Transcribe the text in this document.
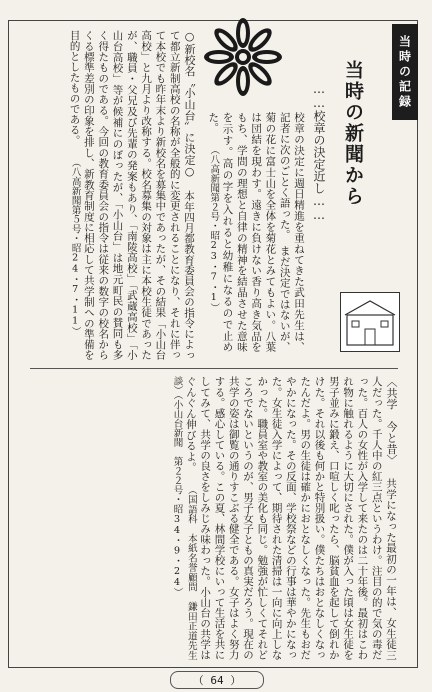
当時の記録
当時の新聞から
……校章の決定近し……
校章の決定に週日精進を重ねてきた武田先生は、記者に次のごとく語った。　まだ決定ではないが、菊の花に富士山を全体を菊花とみてもよい。八葉は団結を現わす。遠きに負けない香り高き気品をもち、学問の理想と自律の精神を結晶させた意味を示す。高の字を入れると幼稚になるので止めた。 （八高新聞第２号・昭23・7・1）
○新校名〝小山台〟に決定○ 本年四月都教育委員会の指令によって都立新制高校の名称が全般的に変更されることになり、それに伴って本校でも昨年末より新校名を募集中であったが、その結果「小山台高校」と九月より改称する。校名募集の対象は主に本校生徒であったが、職員・父兄及び先輩の発案もあり、「南陵高校」「武蔵高校」「小山台高校」等が候補にのぼったが、「小山台」は地元町民の賛同も多く得たものである。今回の教育委員会の指令は従来の数字の校名からくる標準差別の印象を排し、新教育制度に相応して共学制への準備を目的としたものである。 （八高新聞第５号・昭24・7・11）
〈共学　今と昔〉 共学になった最初の一年は、女生徒三人だった。千人中の紅三点というわけ。注目の的で気の毒だった。百人の女性が入学して来たのは二十年後。最初はこわれ物に触れるように大切にされた。僕が入った頃は女生徒を男子並みに鍛え、口喧しく叱ったら、脳貧血を起して倒れかけた。それ以後も何かと特別扱い。僕たちはおとなしくなったんだよ。男の生徒は確かにおとなしくなった。先生もおだやかになった。その反面、学校祭などの行事は華やかになった。女生徒入学によって、期待された清掃は一向に向上しなかった。職員室や教室の美化も同じ。勉強が忙しくてそれどころでないというのが、男子女子ともの真実だろう。現在の共学の姿は御覧の通りすこぶる健全である。女子はよく努力する。感心している。この夏、林間学校にいって生活を共にしてみて、共学の良さをしみじみ味わった。小山台の共学はぐんぐん伸びるよ。 （国語科　本紙名誉顧問　鎌田正道先生談）（小山台新聞　第２２号・昭34・9・24）
（ 64 ）
